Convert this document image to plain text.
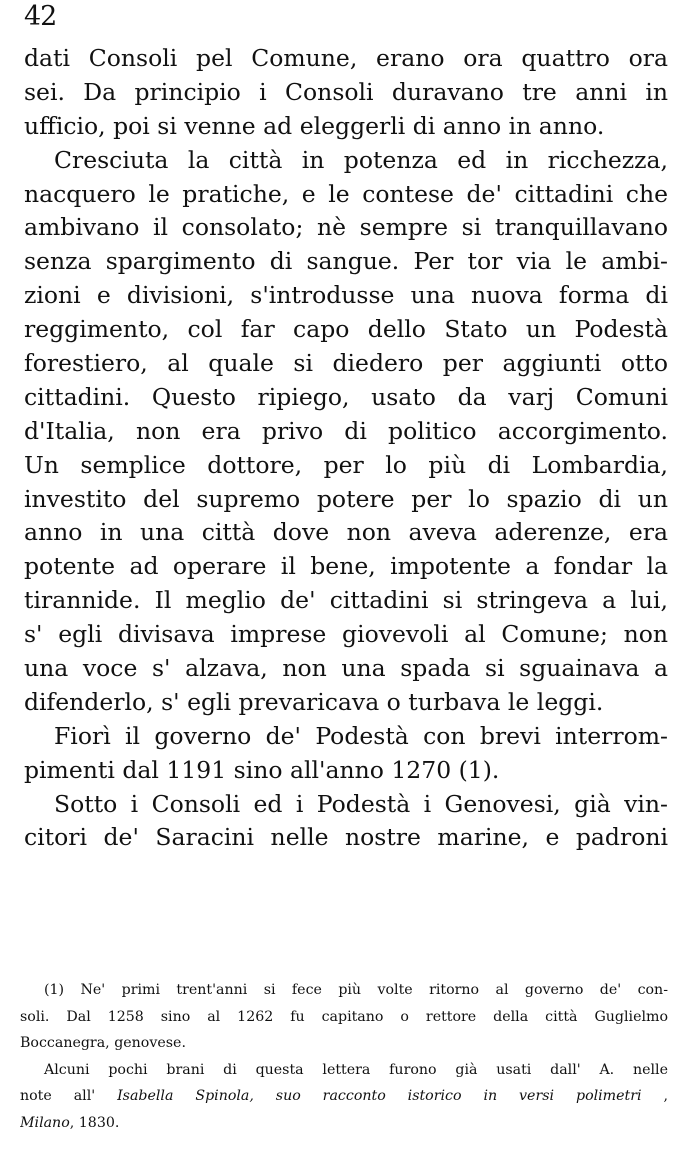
42
dati Consoli pel Comune, erano ora quattro ora
sei. Da principio i Consoli duravano tre anni in
ufficio, poi si venne ad eleggerli di anno in anno.
Cresciuta la città in potenza ed in ricchezza,
nacquero le pratiche, e le contese de' cittadini che
ambivano il consolato; nè sempre si tranquillavano
senza spargimento di sangue. Per tor via le ambi-
zioni e divisioni, s'introdusse una nuova forma di
reggimento, col far capo dello Stato un Podestà
forestiero, al quale si diedero per aggiunti otto
cittadini. Questo ripiego, usato da varj Comuni
d'Italia, non era privo di politico accorgimento.
Un semplice dottore, per lo più di Lombardia,
investito del supremo potere per lo spazio di un
anno in una città dove non aveva aderenze, era
potente ad operare il bene, impotente a fondar la
tirannide. Il meglio de' cittadini si stringeva a lui,
s' egli divisava imprese giovevoli al Comune; non
una voce s' alzava, non una spada si sguainava a
difenderlo, s' egli prevaricava o turbava le leggi.
Fiorì il governo de' Podestà con brevi interrom-
pimenti dal 1191 sino all'anno 1270 (1).
Sotto i Consoli ed i Podestà i Genovesi, già vin-
citori de' Saracini nelle nostre marine, e padroni
(1) Ne' primi trent'anni si fece più volte ritorno al governo de' con-
soli. Dal 1258 sino al 1262 fu capitano o rettore della città Guglielmo
Boccanegra, genovese.
Alcuni pochi brani di questa lettera furono già usati dall' A. nelle
note all' Isabella Spinola, suo racconto istorico in versi polimetri ,
Milano, 1830.
